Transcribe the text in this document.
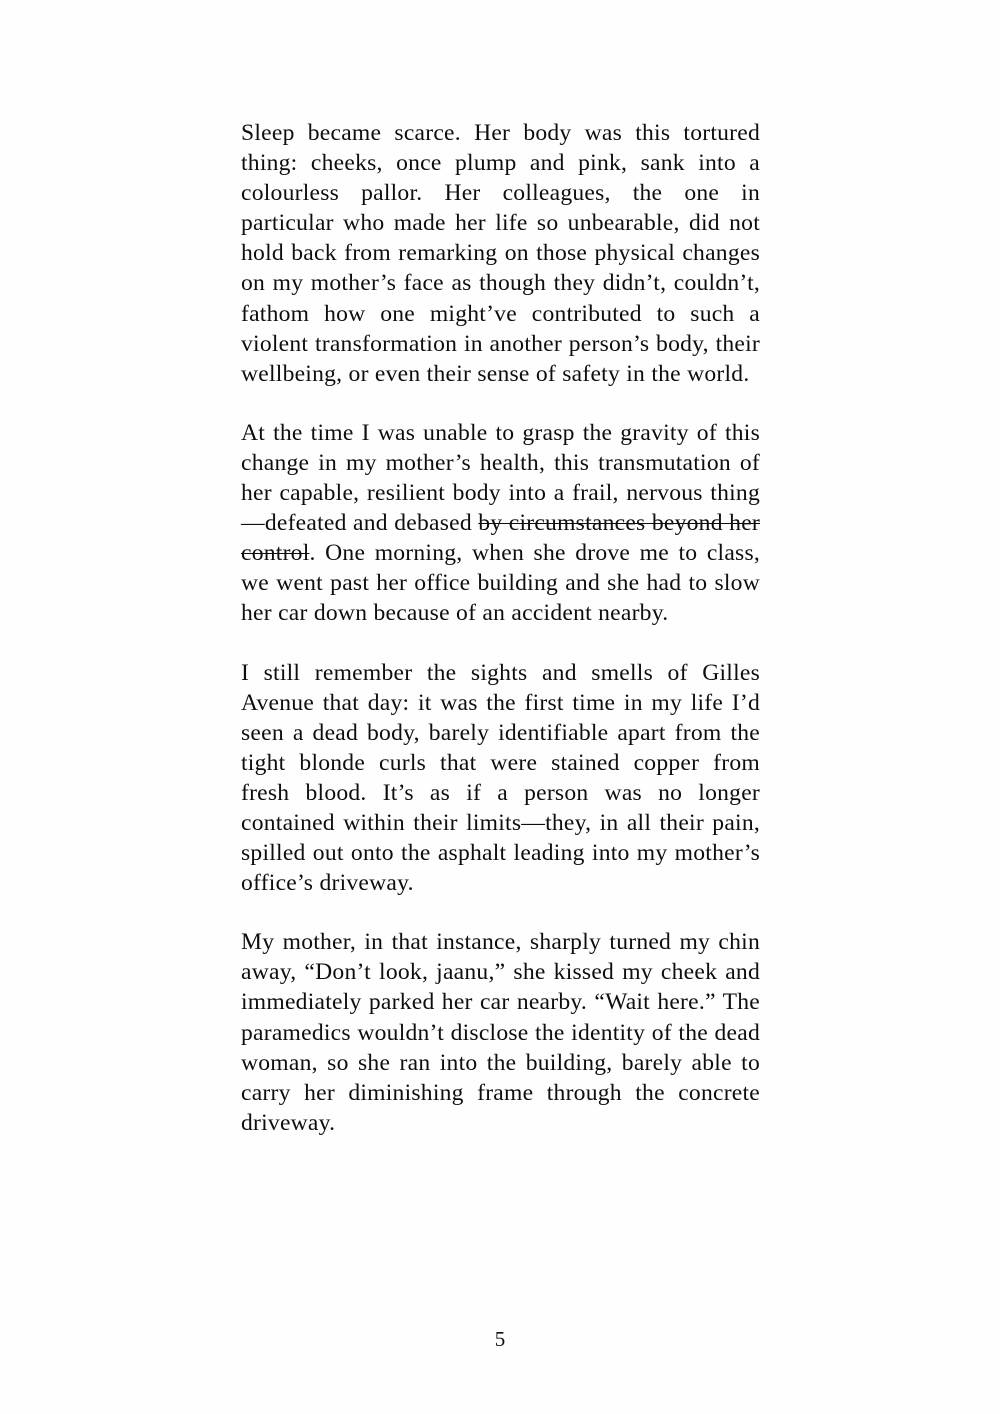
Sleep became scarce. Her body was this tortured thing: cheeks, once plump and pink, sank into a colourless pallor. Her colleagues, the one in particular who made her life so unbearable, did not hold back from remarking on those physical changes on my mother’s face as though they didn’t, couldn’t, fathom how one might’ve contributed to such a violent transformation in another person’s body, their wellbeing, or even their sense of safety in the world.

At the time I was unable to grasp the gravity of this change in my mother’s health, this transmutation of her capable, resilient body into a frail, nervous thing—defeated and debased by circumstances beyond her control. One morning, when she drove me to class, we went past her office building and she had to slow her car down because of an accident nearby.

I still remember the sights and smells of Gilles Avenue that day: it was the first time in my life I’d seen a dead body, barely identifiable apart from the tight blonde curls that were stained copper from fresh blood. It’s as if a person was no longer contained within their limits—they, in all their pain, spilled out onto the asphalt leading into my mother’s office’s driveway.

My mother, in that instance, sharply turned my chin away, “Don’t look, jaanu,” she kissed my cheek and immediately parked her car nearby. “Wait here.” The paramedics wouldn’t disclose the identity of the dead woman, so she ran into the building, barely able to carry her diminishing frame through the concrete driveway.

5
